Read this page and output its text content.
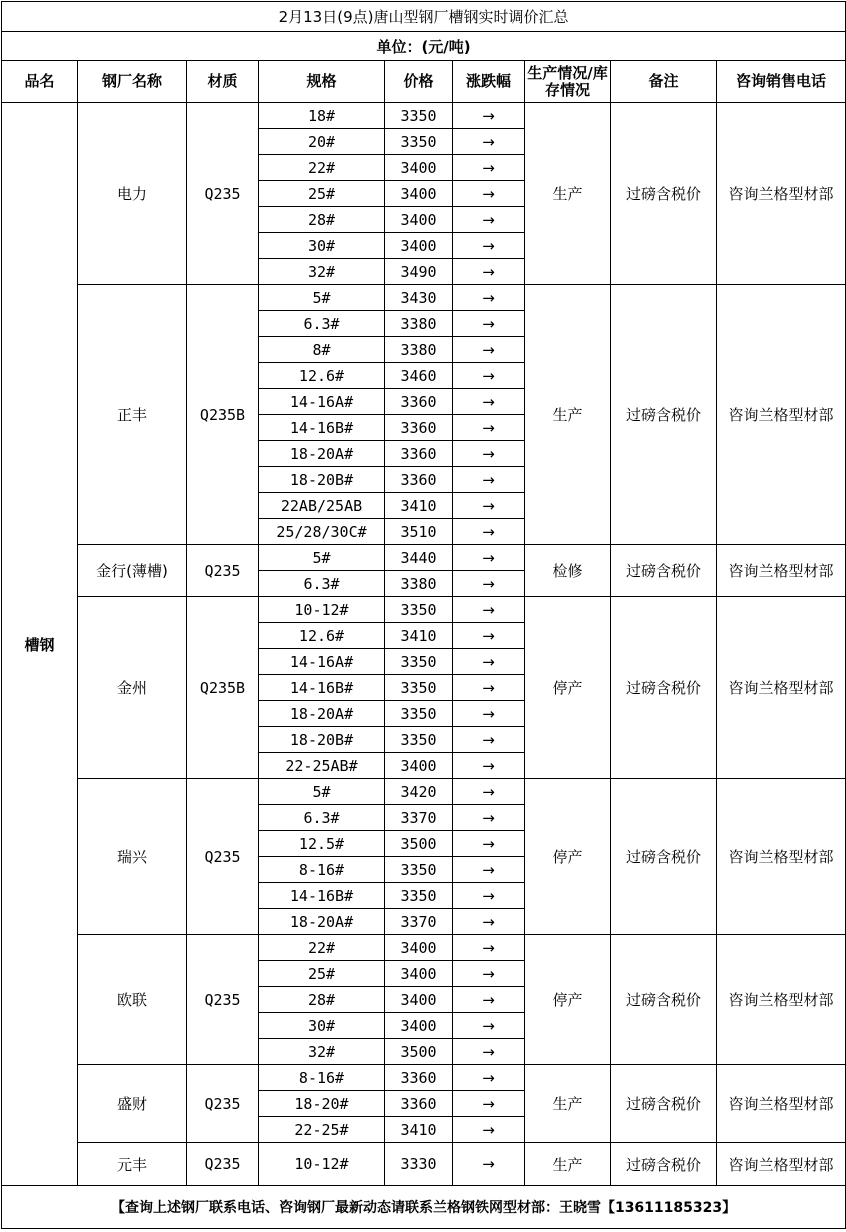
2月13日(9点)唐山型钢厂槽钢实时调价汇总								
单位：(元/吨)								
品名	钢厂名称	材质	规格	价格	涨跌幅	生产情况/库存情况	备注	咨询销售电话
槽钢	电力	Q235	18#	3350	→	生产	过磅含税价	咨询兰格型材部
			20#	3350	→			
			22#	3400	→			
			25#	3400	→			
			28#	3400	→			
			30#	3400	→			
			32#	3490	→			
	正丰	Q235B	5#	3430	→	生产	过磅含税价	咨询兰格型材部
			6.3#	3380	→			
			8#	3380	→			
			12.6#	3460	→			
			14-16A#	3360	→			
			14-16B#	3360	→			
			18-20A#	3360	→			
			18-20B#	3360	→			
			22AB/25AB	3410	→			
			25/28/30C#	3510	→			
	金行(薄槽)	Q235	5#	3440	→	检修	过磅含税价	咨询兰格型材部
			6.3#	3380	→			
	金州	Q235B	10-12#	3350	→	停产	过磅含税价	咨询兰格型材部
			12.6#	3410	→			
			14-16A#	3350	→			
			14-16B#	3350	→			
			18-20A#	3350	→			
			18-20B#	3350	→			
			22-25AB#	3400	→			
	瑞兴	Q235	5#	3420	→	停产	过磅含税价	咨询兰格型材部
			6.3#	3370	→			
			12.5#	3500	→			
			8-16#	3350	→			
			14-16B#	3350	→			
			18-20A#	3370	→			
	欧联	Q235	22#	3400	→	停产	过磅含税价	咨询兰格型材部
			25#	3400	→			
			28#	3400	→			
			30#	3400	→			
			32#	3500	→			
	盛财	Q235	8-16#	3360	→	生产	过磅含税价	咨询兰格型材部
			18-20#	3360	→			
			22-25#	3410	→			
	元丰	Q235	10-12#	3330	→	生产	过磅含税价	咨询兰格型材部
【查询上述钢厂联系电话、咨询钢厂最新动态请联系兰格钢铁网型材部：王晓雪【13611185323】								
